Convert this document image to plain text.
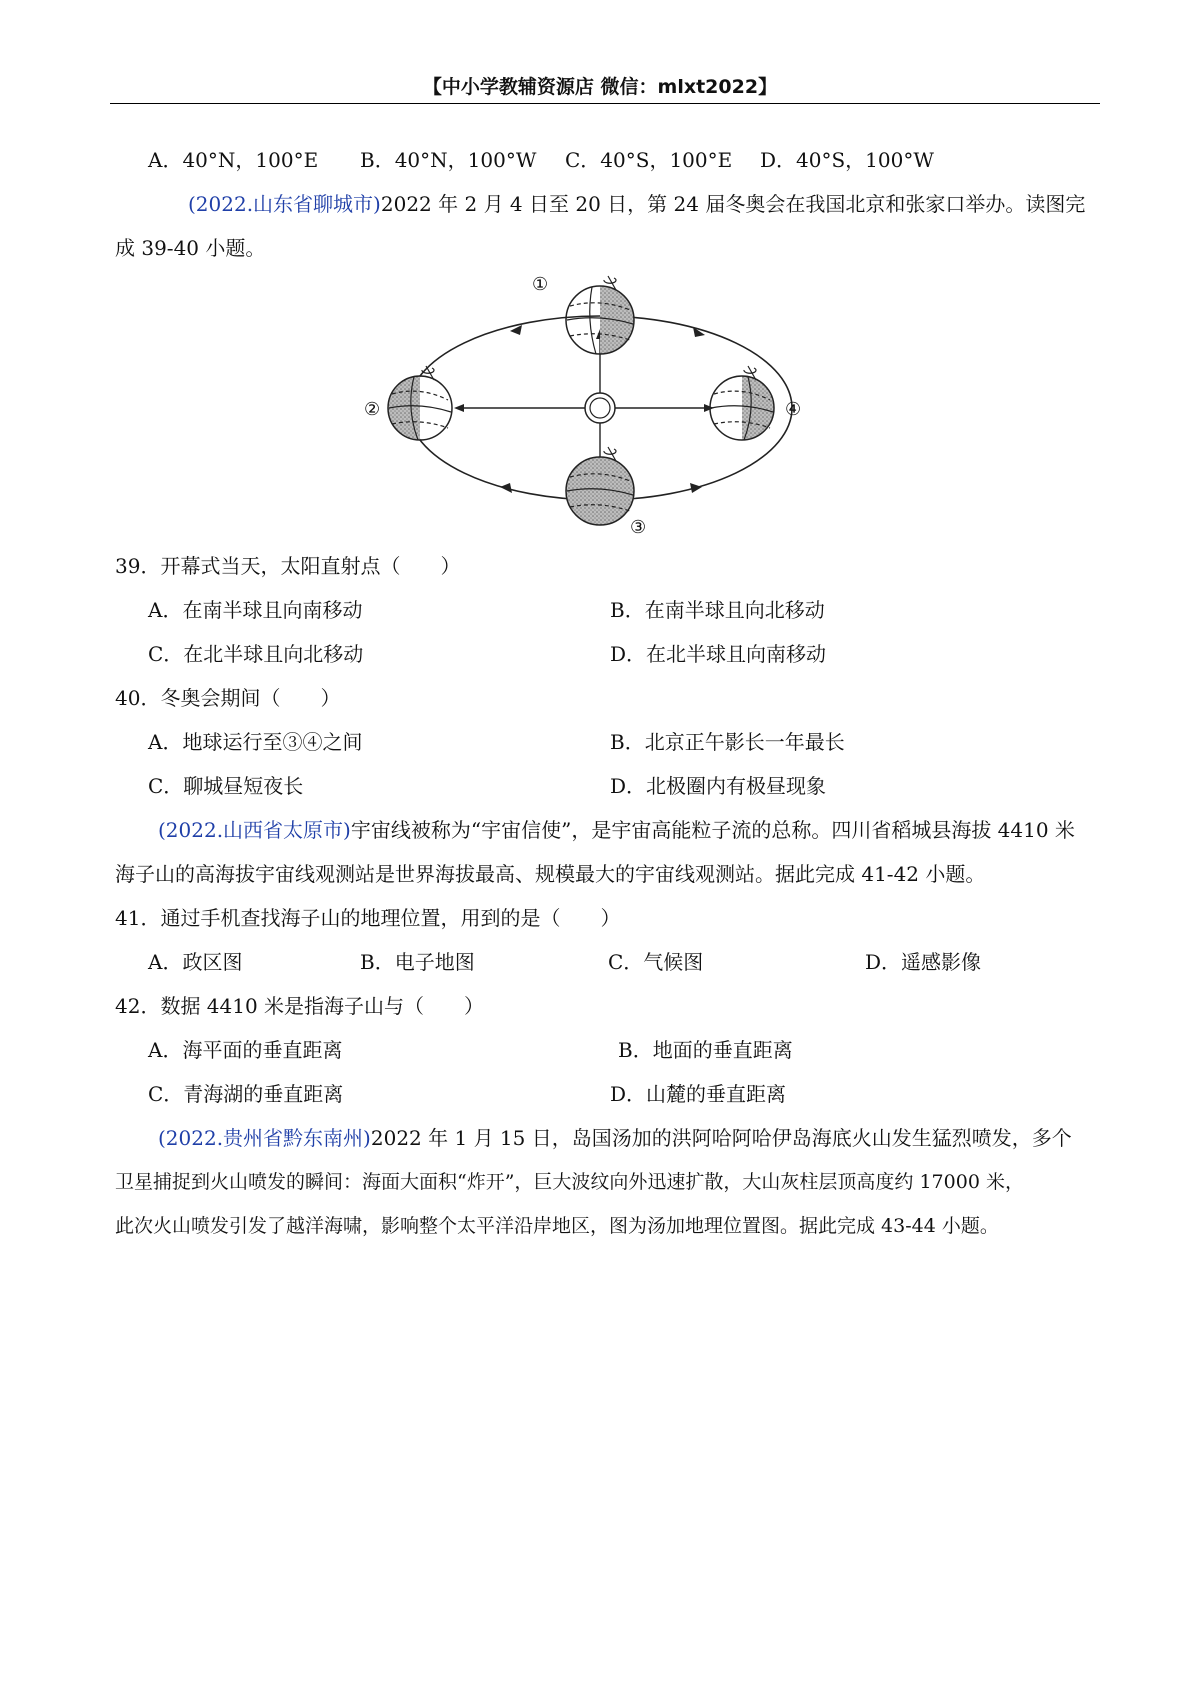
【中小学教辅资源店 微信：mlxt2022】
A．40°N，100°E B．40°N，100°W C．40°S，100°E D．40°S，100°W
(2022.山东省聊城市)2022 年 2 月 4 日至 20 日，第 24 届冬奥会在我国北京和张家口举办。读图完
成 39-40 小题。
①
②
③
④
39．开幕式当天，太阳直射点（　　）
A．在南半球且向南移动	B．在南半球且向北移动
C．在北半球且向北移动	D．在北半球且向南移动
40．冬奥会期间（　　）
A．地球运行至③④之间	B．北京正午影长一年最长
C．聊城昼短夜长	D．北极圈内有极昼现象
(2022.山西省太原市)宇宙线被称为“宇宙信使”，是宇宙高能粒子流的总称。四川省稻城县海拔 4410 米
海子山的高海拔宇宙线观测站是世界海拔最高、规模最大的宇宙线观测站。据此完成 41-42 小题。
41．通过手机查找海子山的地理位置，用到的是（　　）
A．政区图	B．电子地图	C．气候图	D．遥感影像
42．数据 4410 米是指海子山与（　　）
A．海平面的垂直距离	B．地面的垂直距离
C．青海湖的垂直距离	D．山麓的垂直距离
(2022.贵州省黔东南州)2022 年 1 月 15 日，岛国汤加的洪阿哈阿哈伊岛海底火山发生猛烈喷发，多个
卫星捕捉到火山喷发的瞬间：海面大面积“炸开”，巨大波纹向外迅速扩散，大山灰柱层顶高度约 17000 米，
此次火山喷发引发了越洋海啸，影响整个太平洋沿岸地区，图为汤加地理位置图。据此完成 43-44 小题。
